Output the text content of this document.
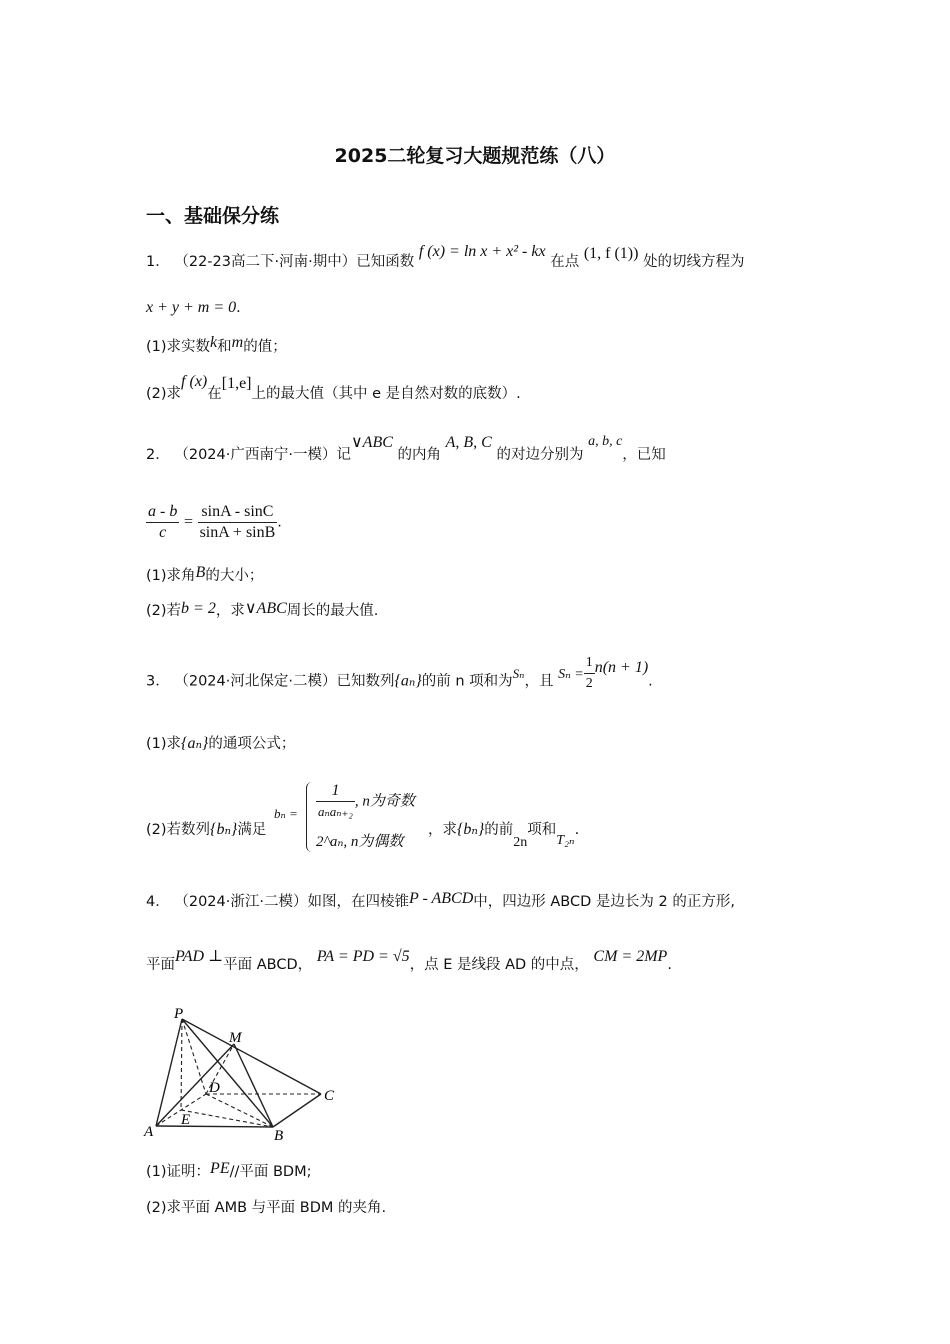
2025二轮复习大题规范练（八）
一、基础保分练
1． （22-23高二下·河南·期中）已知函数 f (x) = ln x + x² - kx 在点 (1, f (1)) 处的切线方程为
x + y + m = 0.
(1)求实数k和m的值；
(2)求f (x)在[1,e]上的最大值（其中 e 是自然对数的底数）.
2． （2024·广西南宁·一模）记∨ABC 的内角 A, B, C 的对边分别为 a, b, c，已知
$\frac{a - b}{c} = \frac{\sin A - \sin C}{\sin A + \sin B}$ .
(1)求角B的大小；
(2)若b = 2，求∨ABC周长的最大值.
3． （2024·河北保定·二模）已知数列{aₙ}的前 n 项和为Sₙ，且 $S_n = \frac{1}{2} n(n + 1)$.
(1)求{aₙ}的通项公式；
(2)若数列{bₙ}满足
$b_n = \frac{1}{\text{aₙaₙ₊₂}}$ , n为奇数
2^aₙ, n为偶数
，求{bₙ}的前2n项和T₂ₙ.
4． （2024·浙江·二模）如图，在四棱锥P - ABCD中，四边形 ABCD 是边长为 2 的正方形,
平面PAD ⊥平面 ABCD， PA = PD = √5，点 E 是线段 AD 的中点， CM = 2MP.
P
M
D	C
A
E
B
(1)证明：PE//平面 BDM;
(2)求平面 AMB 与平面 BDM 的夹角.
